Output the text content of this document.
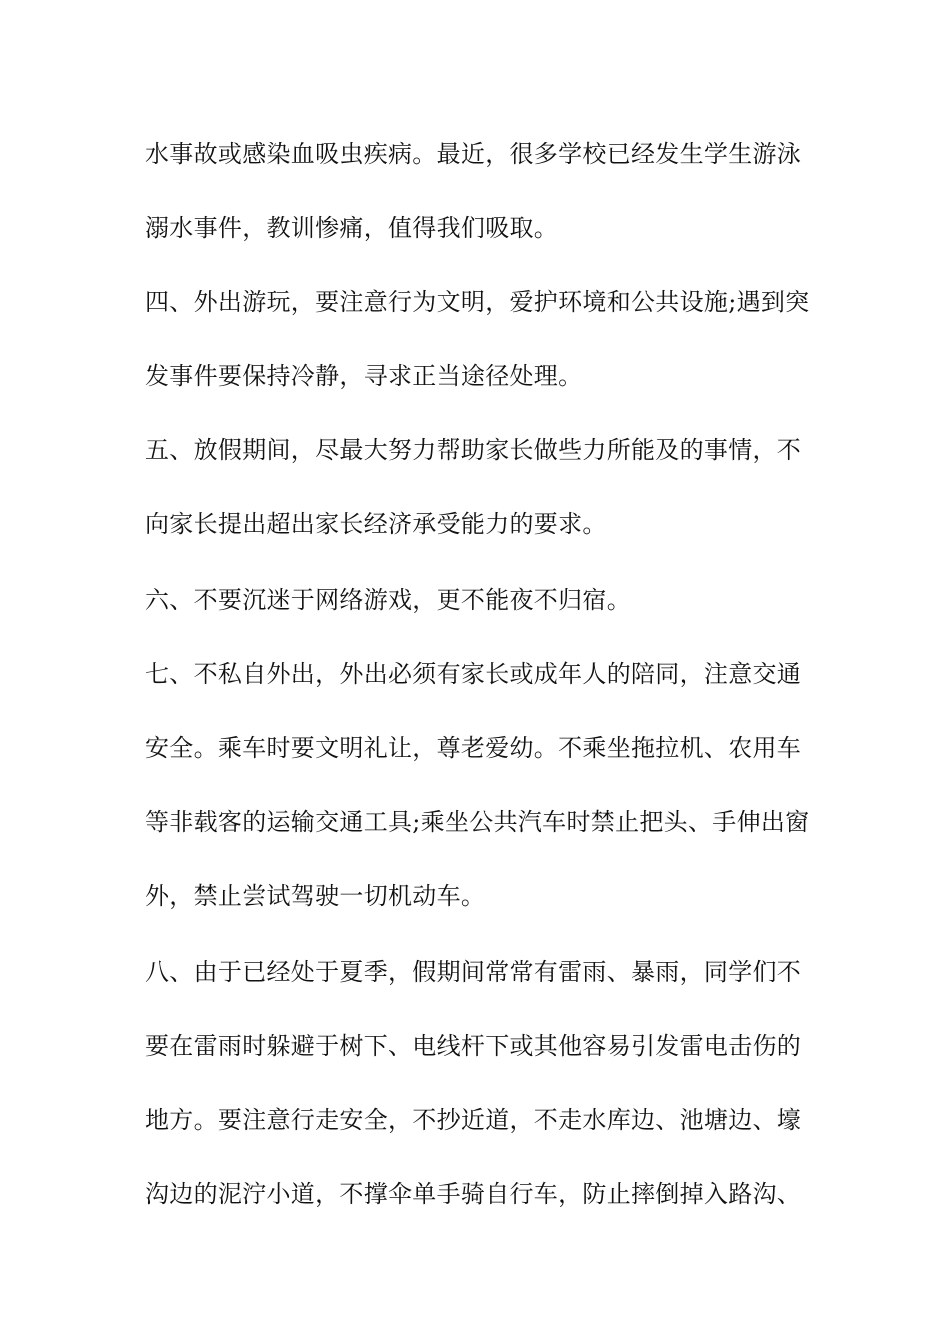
水事故或感染血吸虫疾病。最近，很多学校已经发生学生游泳

溺水事件，教训惨痛，值得我们吸取。

四、外出游玩，要注意行为文明，爱护环境和公共设施;遇到突

发事件要保持冷静，寻求正当途径处理。

五、放假期间，尽最大努力帮助家长做些力所能及的事情，不

向家长提出超出家长经济承受能力的要求。

六、不要沉迷于网络游戏，更不能夜不归宿。

七、不私自外出，外出必须有家长或成年人的陪同，注意交通

安全。乘车时要文明礼让，尊老爱幼。不乘坐拖拉机、农用车

等非载客的运输交通工具;乘坐公共汽车时禁止把头、手伸出窗

外，禁止尝试驾驶一切机动车。

八、由于已经处于夏季，假期间常常有雷雨、暴雨，同学们不

要在雷雨时躲避于树下、电线杆下或其他容易引发雷电击伤的

地方。要注意行走安全，不抄近道，不走水库边、池塘边、壕

沟边的泥泞小道，不撑伞单手骑自行车，防止摔倒掉入路沟、
